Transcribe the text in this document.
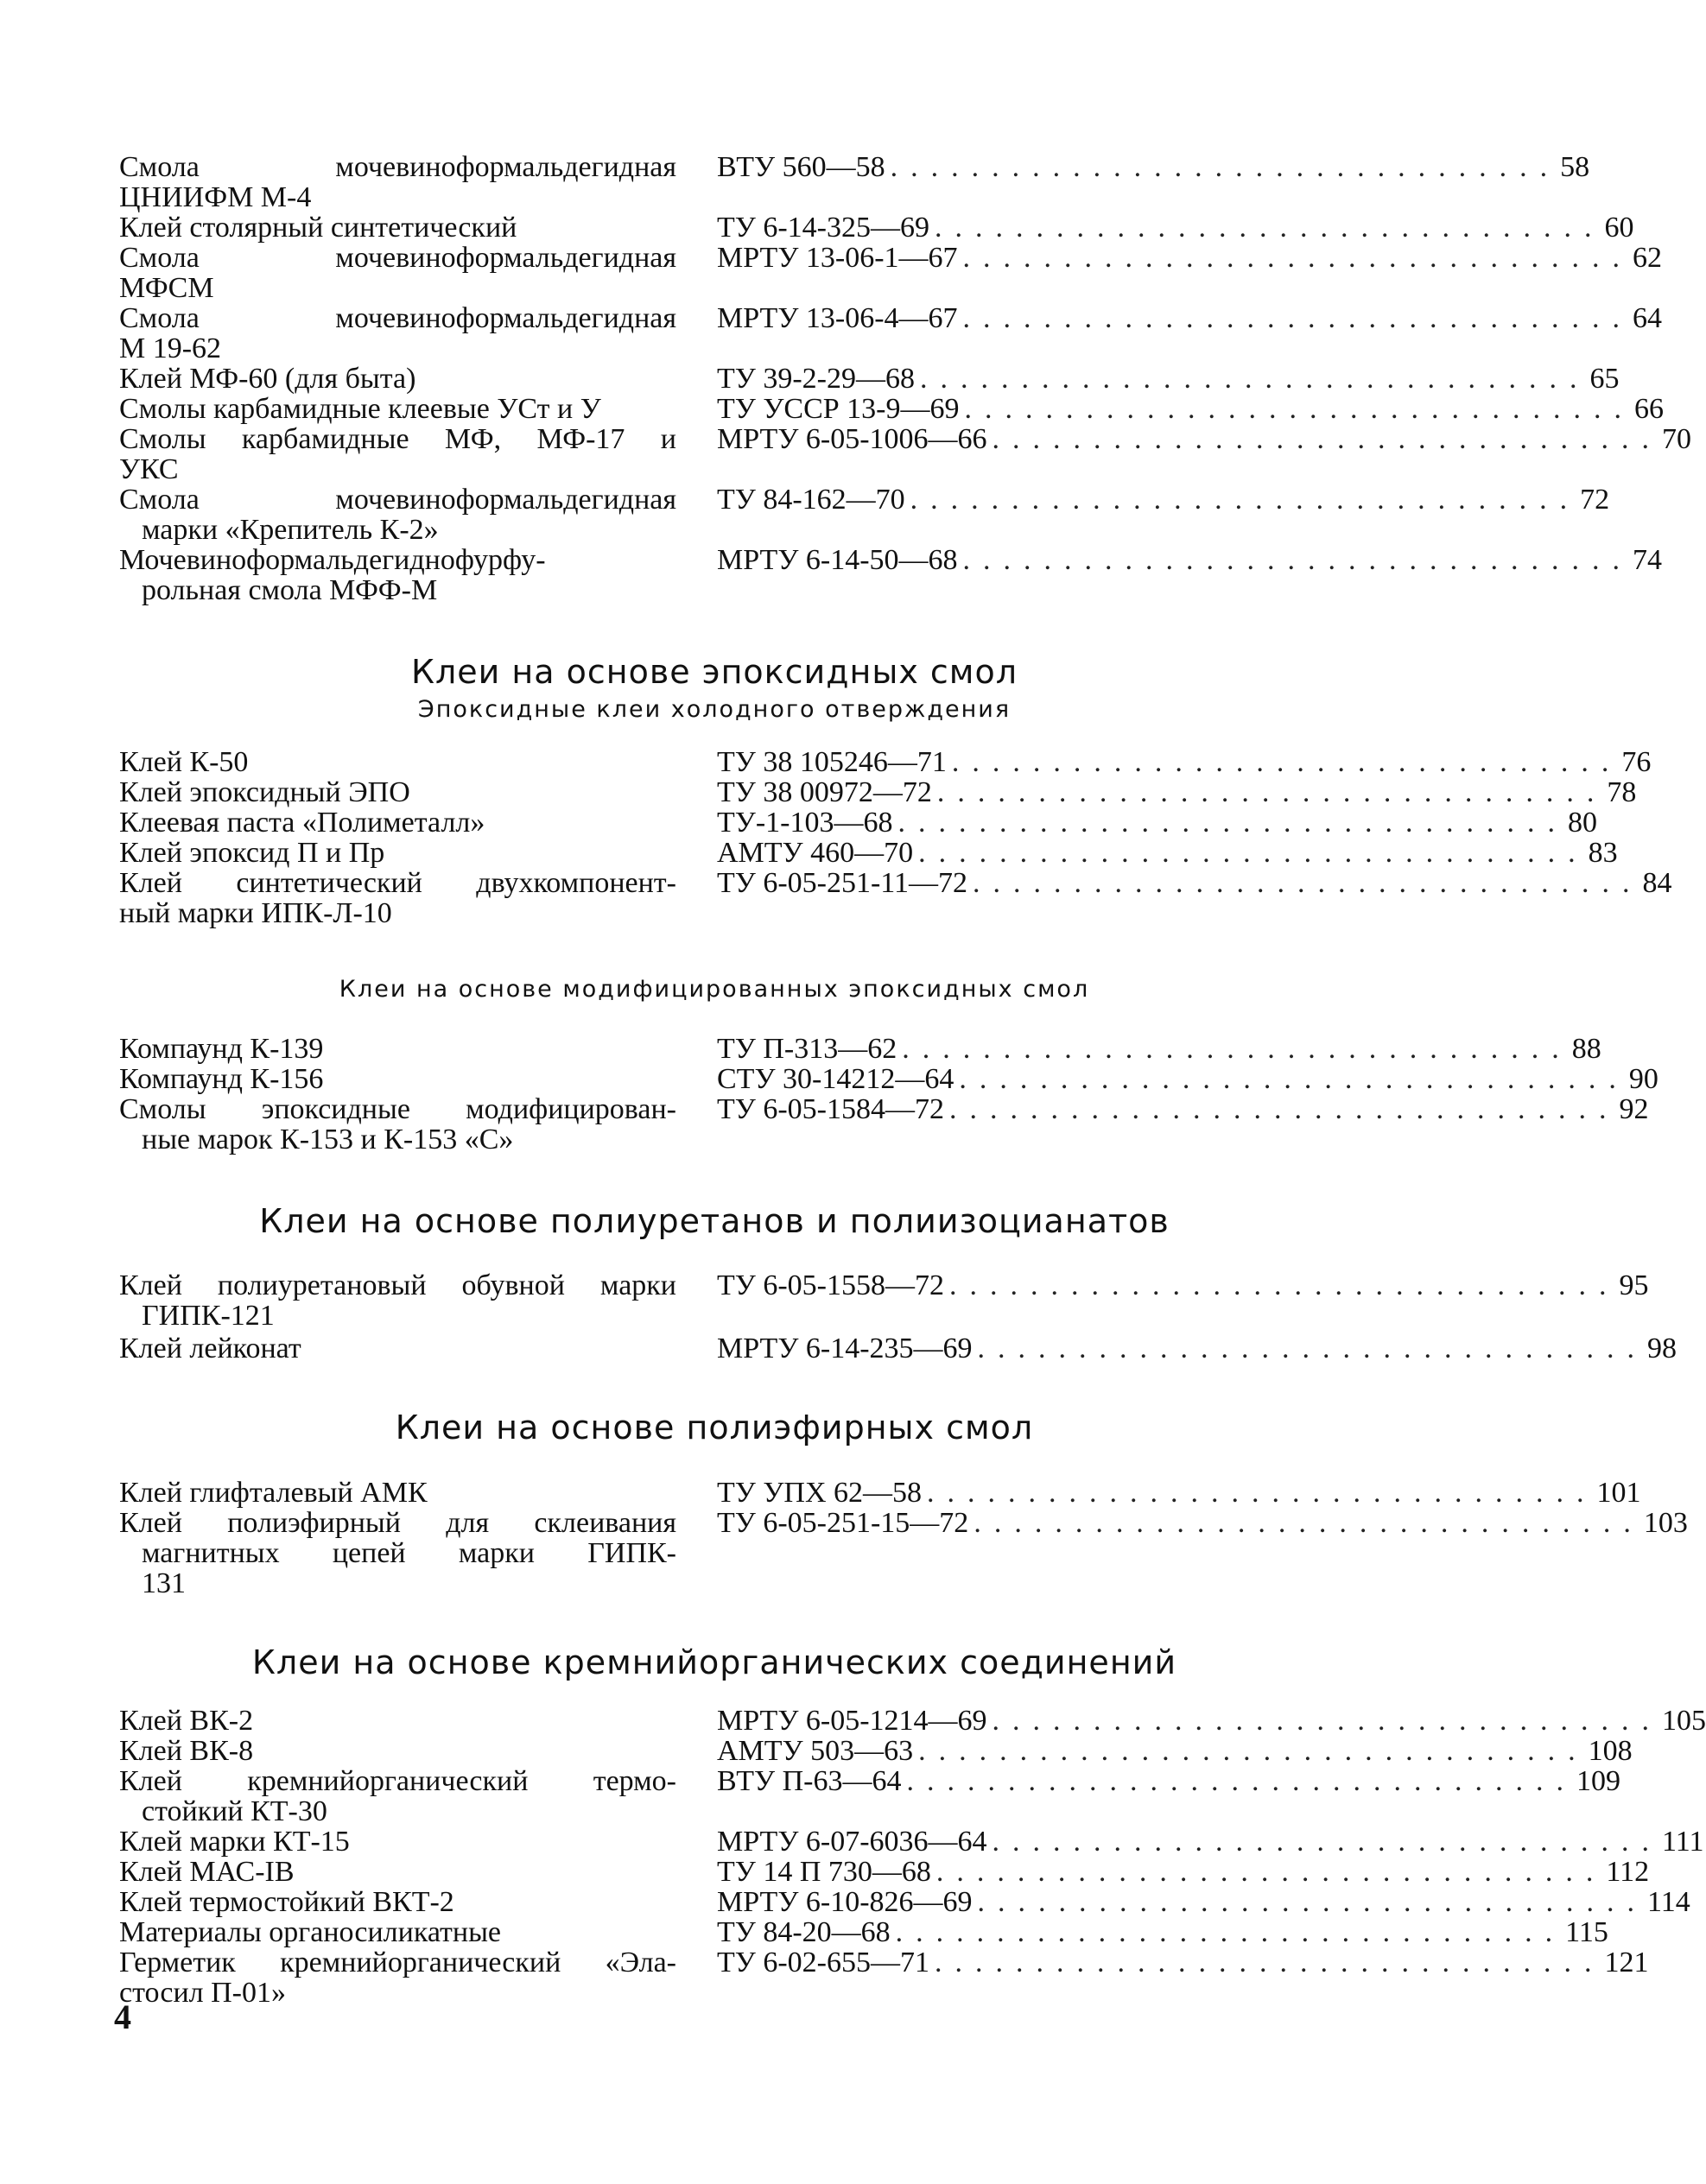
Смола мочевиноформальдегидная
ЦНИИФМ М-4
ВТУ 560—58 ................................. 58
Клей столярный синтетический	ТУ 6-14-325—69 ................................. 60
Смола мочевиноформальдегидная
МФСМ
МРТУ 13-06-1—67 ................................. 62
Смола мочевиноформальдегидная
М 19-62
МРТУ 13-06-4—67 ................................. 64
Клей МФ-60 (для быта)	ТУ 39-2-29—68 ................................. 65
Смолы карбамидные клеевые УСт и У	ТУ УССР 13-9—69 ................................. 66
Смолы карбамидные МФ, МФ-17 и
УКС
МРТУ 6-05-1006—66 ................................. 70
Смола мочевиноформальдегидная
марки «Крепитель К-2»
ТУ 84-162—70 ................................. 72
Мочевиноформальдегиднофурфу-
рольная смола МФФ-М
МРТУ 6-14-50—68 ................................. 74
Клеи на основе эпоксидных смол
Эпоксидные клеи холодного отверждения
Клей К-50	ТУ 38 105246—71 ................................. 76
Клей эпоксидный ЭПО	ТУ 38 00972—72 ................................. 78
Клеевая паста «Полиметалл»	ТУ-1-103—68 ................................. 80
Клей эпоксид П и Пр	АМТУ 460—70 ................................. 83
Клей синтетический двухкомпонент-
ный марки ИПК-Л-10
ТУ 6-05-251-11—72 ................................. 84
Клеи на основе модифицированных эпоксидных смол
Компаунд К-139	ТУ П-313—62 ................................. 88
Компаунд К-156	СТУ 30-14212—64 ................................. 90
Смолы эпоксидные модифицирован-
ные марок К-153 и К-153 «С»
ТУ 6-05-1584—72 ................................. 92
Клеи на основе полиуретанов и полиизоцианатов
Клей полиуретановый обувной марки
ГИПК-121
ТУ 6-05-1558—72 ................................. 95
Клей лейконат	МРТУ 6-14-235—69 ................................. 98
Клеи на основе полиэфирных смол
Клей глифталевый АМК	ТУ УПХ 62—58 ................................. 101
Клей полиэфирный для склеивания
магнитных цепей марки ГИПК-
131
ТУ 6-05-251-15—72 ................................. 103
Клеи на основе кремнийорганических соединений
Клей ВК-2	МРТУ 6-05-1214—69 ................................. 105
Клей ВК-8	АМТУ 503—63 ................................. 108
Клей кремнийорганический термо-
стойкий КТ-30
ВТУ П-63—64 ................................. 109
Клей марки КТ-15	МРТУ 6-07-6036—64 ................................. 111
Клей МАС-IВ	ТУ 14 П 730—68 ................................. 112
Клей термостойкий ВКТ-2	МРТУ 6-10-826—69 ................................. 114
Материалы органосиликатные	ТУ 84-20—68 ................................. 115
Герметик кремнийорганический «Эла-
стосил П-01»
ТУ 6-02-655—71 ................................. 121
4
